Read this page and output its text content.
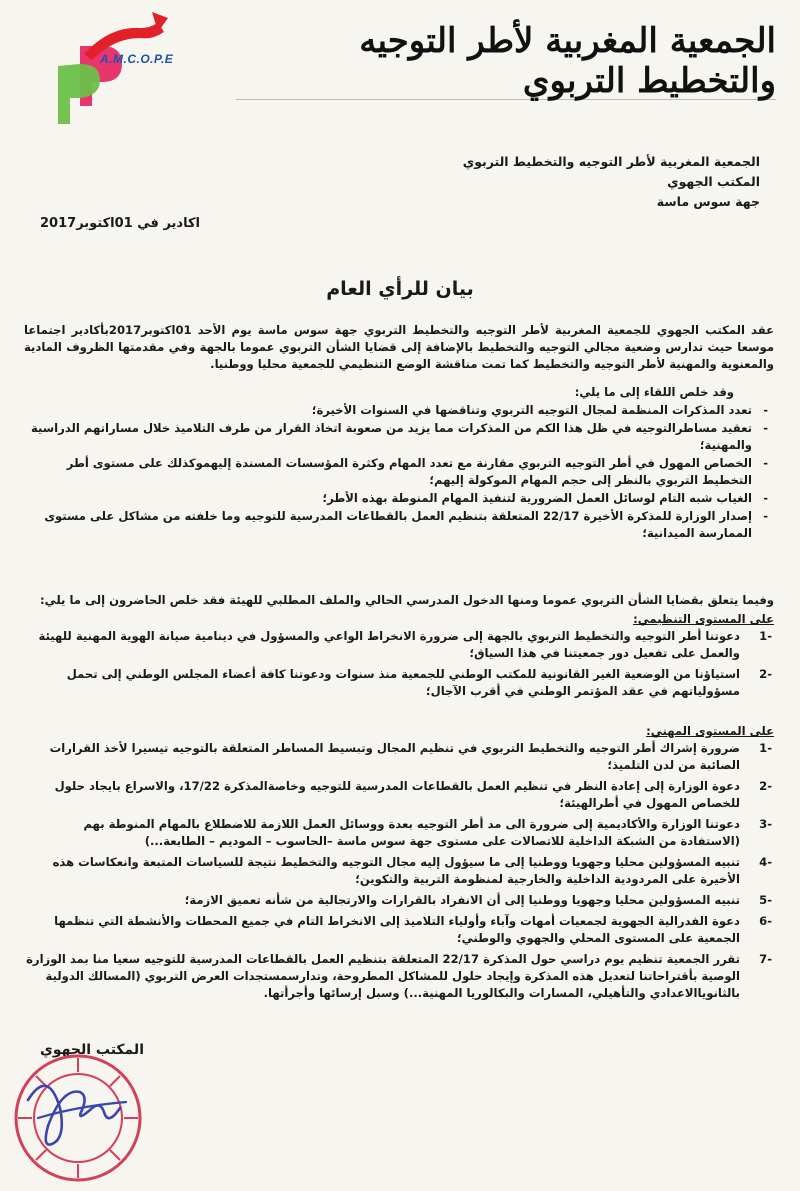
A.M.C.O.P.E	الجمعية المغربية لأطر التوجيه والتخطيط التربوي
الجمعية المغربية لأطر التوجيه والتخطيط التربوي
المكتب الجهوي
جهة سوس ماسة
اكادير في 01اكتوبر2017
بيان للرأي العام

عقد المكتب الجهوي للجمعية المغربية لأطر التوجيه والتخطيط التربوي جهة سوس ماسة يوم الأحد 01اكتوبر2017بأكادير اجتماعا موسعا حيث تدارس وضعية مجالي التوجيه والتخطيط بالإضافة إلى قضايا الشأن التربوي عموما بالجهة وفي مقدمتها الظروف المادية والمعنوية والمهنية لأطر التوجيه والتخطيط كما تمت مناقشة الوضع التنظيمي للجمعية محليا ووطنيا.

وقد خلص اللقاء إلى ما يلي:

- تعدد المذكرات المنظمة لمجال التوجيه التربوي وتناقضها في السنوات الأخيرة؛
- تعقيد مساطرالتوجيه في ظل هذا الكم من المذكرات مما يزيد من صعوبة اتخاذ القرار من طرف التلاميذ خلال مساراتهم الدراسية والمهنية؛
- الخصاص المهول في أطر التوجيه التربوي مقارنة مع تعدد المهام وكثرة المؤسسات المسندة إليهموكذلك على مستوى أطر التخطيط التربوي بالنظر إلى حجم المهام الموكولة إليهم؛
- الغياب شبه التام لوسائل العمل الضرورية لتنفيذ المهام المنوطة بهذه الأطر؛
- إصدار الوزارة للمذكرة الأخيرة 22/17 المتعلقة بتنظيم العمل بالقطاعات المدرسية للتوجيه وما خلفته من مشاكل على مستوى الممارسة الميدانية؛

وفيما يتعلق بقضايا الشأن التربوي عموما ومنها الدخول المدرسي الحالي والملف المطلبي للهيئة فقد خلص الحاضرون إلى ما يلي:

على المستوى التنظيمي:
-1
دعوتنا أطر التوجيه والتخطيط التربوي بالجهة إلى ضرورة الانخراط الواعي والمسؤول في دينامية صيانة الهوية المهنية للهيئة والعمل على تفعيل دور جمعيتنا في هذا السياق؛
-2
استياؤنا من الوضعية الغير القانونية للمكتب الوطني للجمعية منذ سنوات ودعوتنا كافة أعضاء المجلس الوطني إلى تحمل مسؤولياتهم في عقد المؤتمر الوطني في أقرب الآجال؛
على المستوى المهني:
-1
ضرورة إشراك أطر التوجيه والتخطيط التربوي في تنظيم المجال وتبسيط المساطر المتعلقة بالتوجيه تيسيرا لأخذ القرارات الصائبة من لدن التلميذ؛
-2
دعوة الوزارة إلى إعادة النظر في تنظيم العمل بالقطاعات المدرسية للتوجيه وخاصةالمذكرة 17/22، والاسراع بايجاد حلول للخصاص المهول في أطرالهيئة؛
-3
دعوتنا الوزارة والأكاديمية إلى ضرورة الى مد أطر التوجيه بعدة ووسائل العمل اللازمة للاضطلاع بالمهام المنوطة بهم (الاستفادة من الشبكة الداخلية للاتصالات على مستوى جهة سوس ماسة –الحاسوب – الموديم – الطابعة...)
-4
تنبيه المسؤولين محليا وجهويا ووطنيا إلى ما سيؤول إليه مجال التوجيه والتخطيط نتيجة للسياسات المتبعة وانعكاسات هذه الأخيرة على المردودية الداخلية والخارجية لمنظومة التربية والتكوين؛
-5
تنبيه المسؤولين محليا وجهويا ووطنيا إلى أن الانفراد بالقرارات والارتجالية من شأنه تعميق الازمة؛
-6
دعوة الفدرالية الجهوية لجمعيات أمهات وآباء وأولياء التلاميذ إلى الانخراط التام في جميع المحطات والأنشطة التي تنظمها الجمعية على المستوى المحلي والجهوي والوطني؛
-7
تقرر الجمعية تنظيم يوم دراسي حول المذكرة 22/17 المتعلقة بتنظيم العمل بالقطاعات المدرسية للتوجيه سعيا منا بمد الوزارة الوصية بأقتراحاتنا لتعديل هذه المذكرة وإيجاد حلول للمشاكل المطروحة، وتدارسمستجدات العرض التربوي (المسالك الدولية بالثانوياالاعدادي والتأهيلي، المسارات والبكالوريا المهنية...) وسبل إرسائها وأجرأتها.
المكتب الجهوي
